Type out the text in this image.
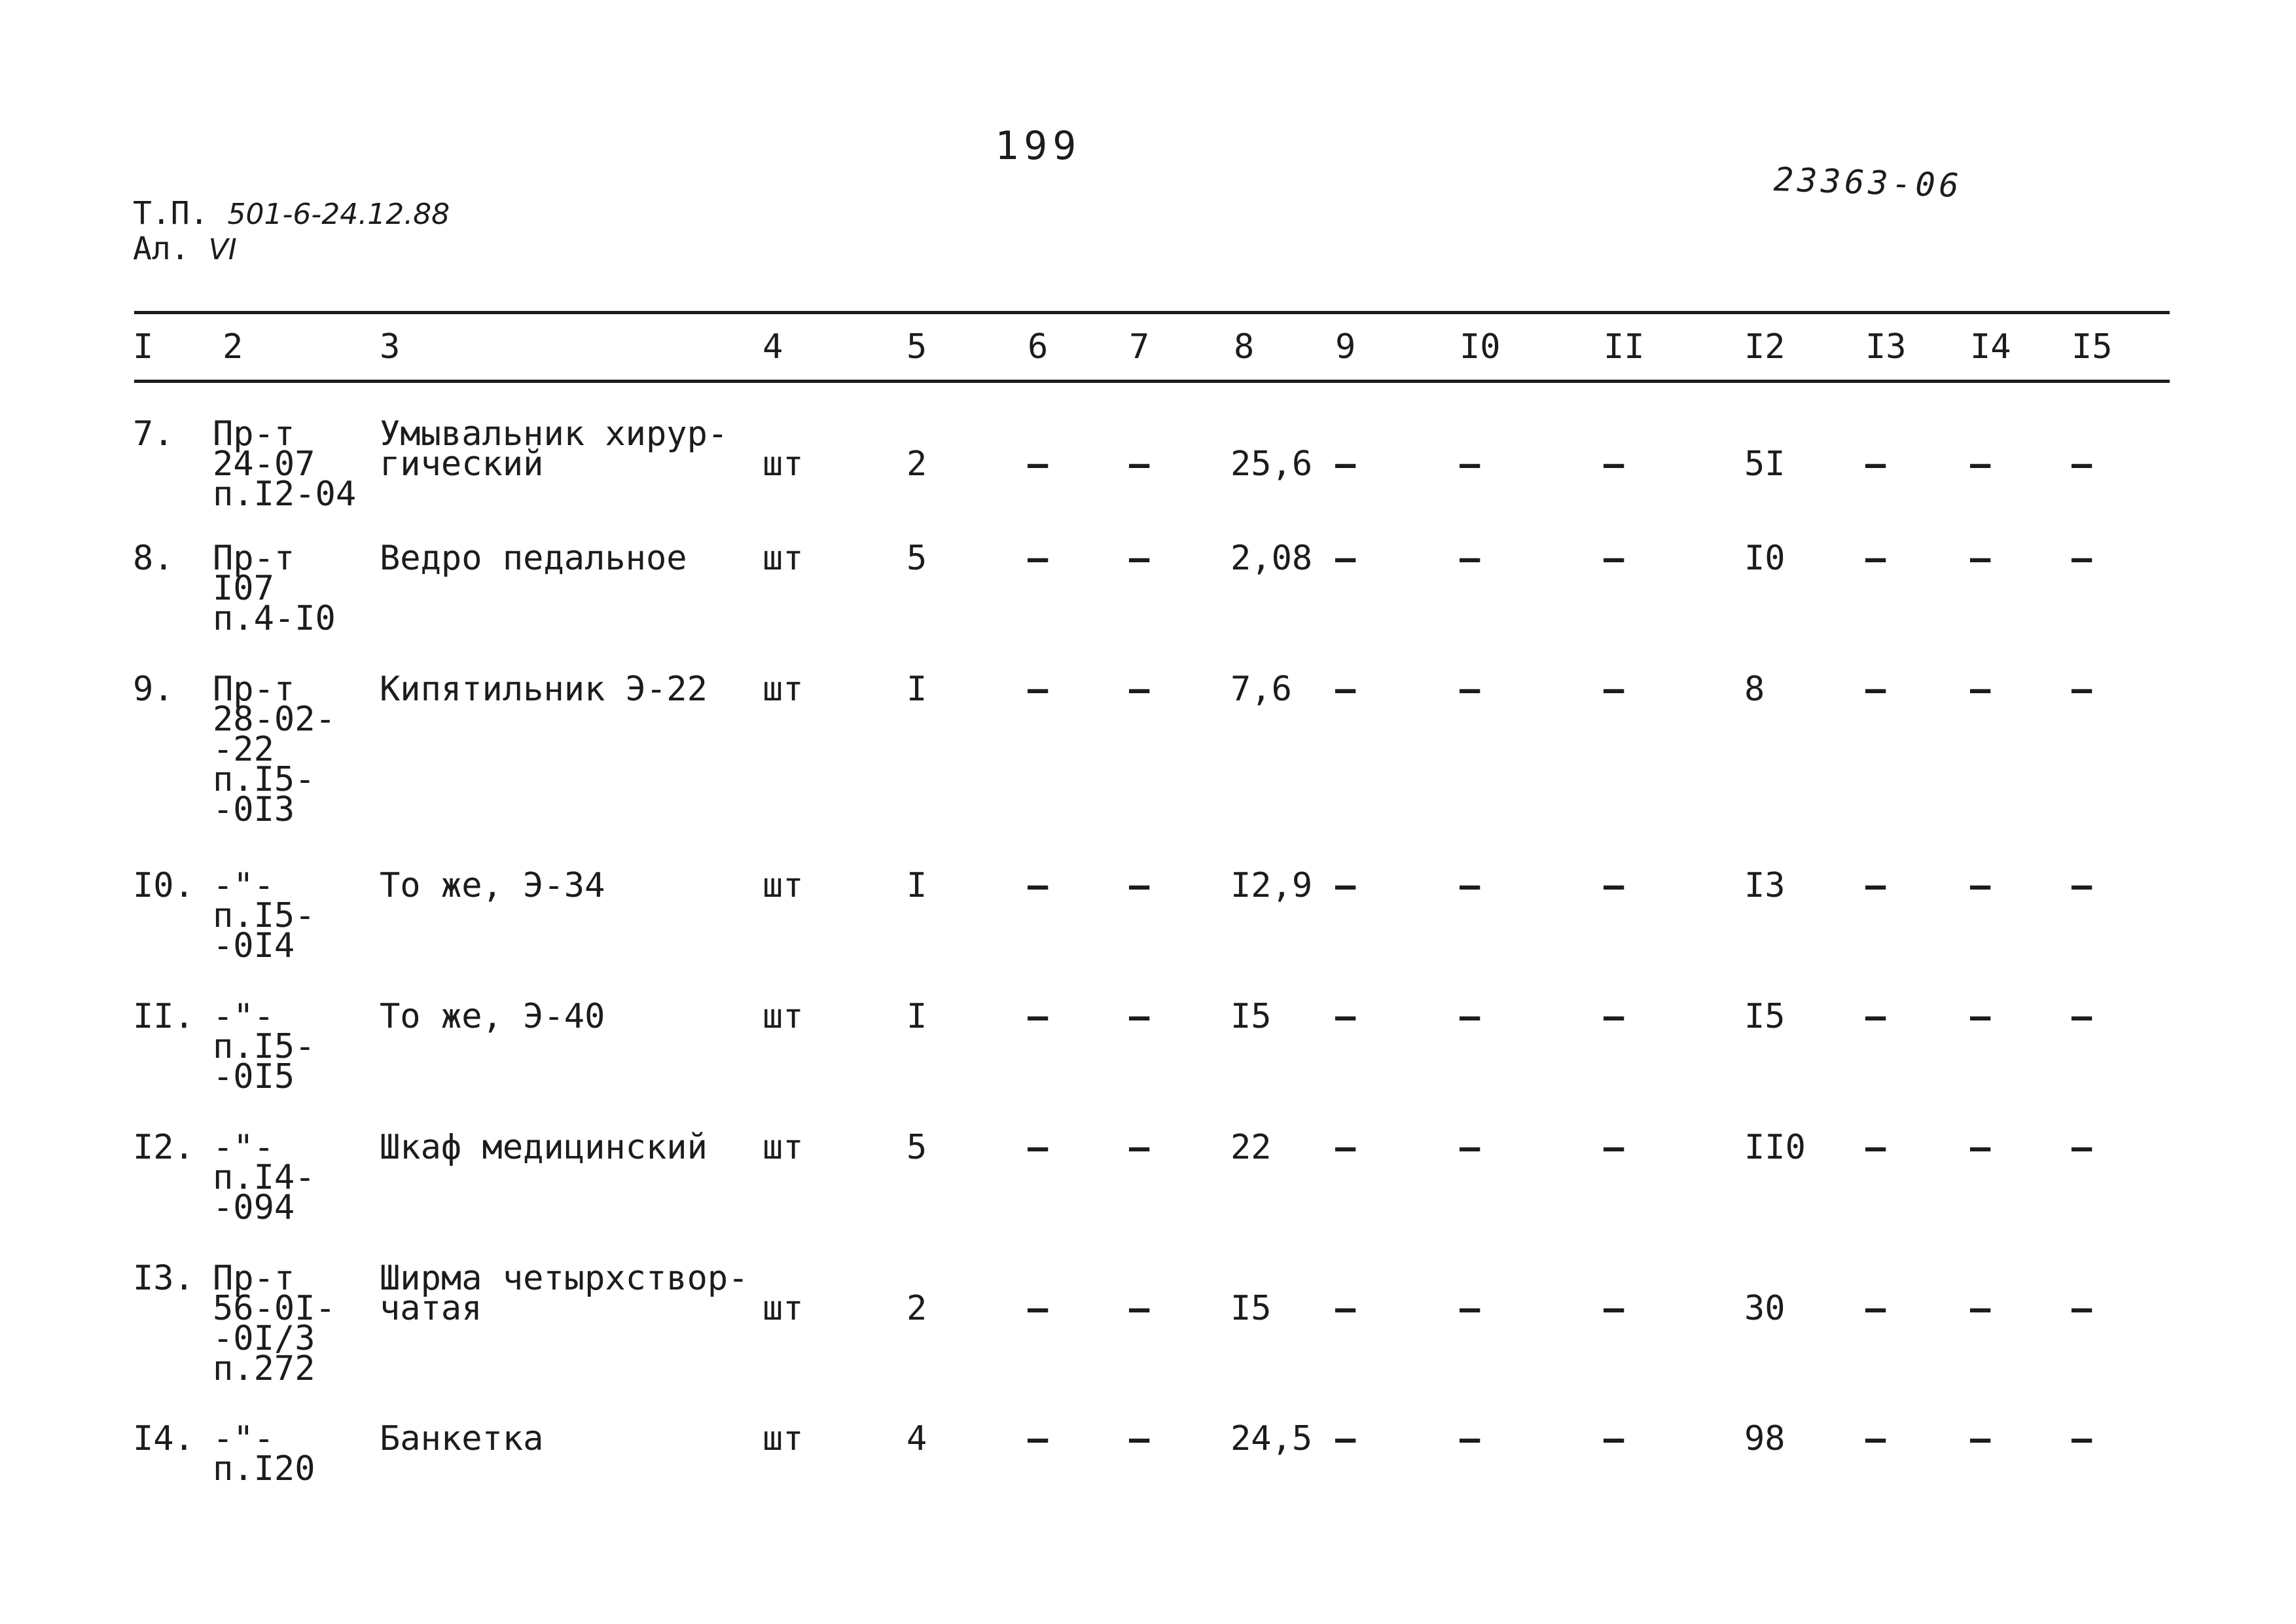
199
23363-06
Т.П. 501-6-24.12.88
Ал. VI
I 2	3	4	5	6 7 8 9	I0	II	I2 I3 I4 I5
7. Пр-т
24-07
п.I2-04
Умывальник хирур-
гический	шт	2	– – 25,6 –	–	–	5I – – –
8. Пр-т
I07
п.4-I0
Ведро педальное шт	5	– – 2,08 –	–	–	I0 – – –
9. Пр-т
28-02-
-22
п.I5-
-0I3
Кипятильник Э-22 шт	I	– – 7,6 –	–	–	8	– – –
I0. -"-
п.I5-
-0I4
То же, Э-34	шт	I	– – I2,9 –	–	–	I3 – – –
II. -"-
п.I5-
-0I5
То же, Э-40	шт	I	– – I5 –	–	–	I5 – – –
I2. -"-
п.I4-
-094
Шкаф медицинский шт	5	– – 22 –	–	–	II0 – – –
I3. Пр-т
56-0I-
-0I/3
п.272
Ширма четырхствор-
чатая	шт	2	– – I5 –	–	–	30 – – –
I4. -"-
п.I20
Банкетка	шт	4	– – 24,5 –	–	–	98 – – –
